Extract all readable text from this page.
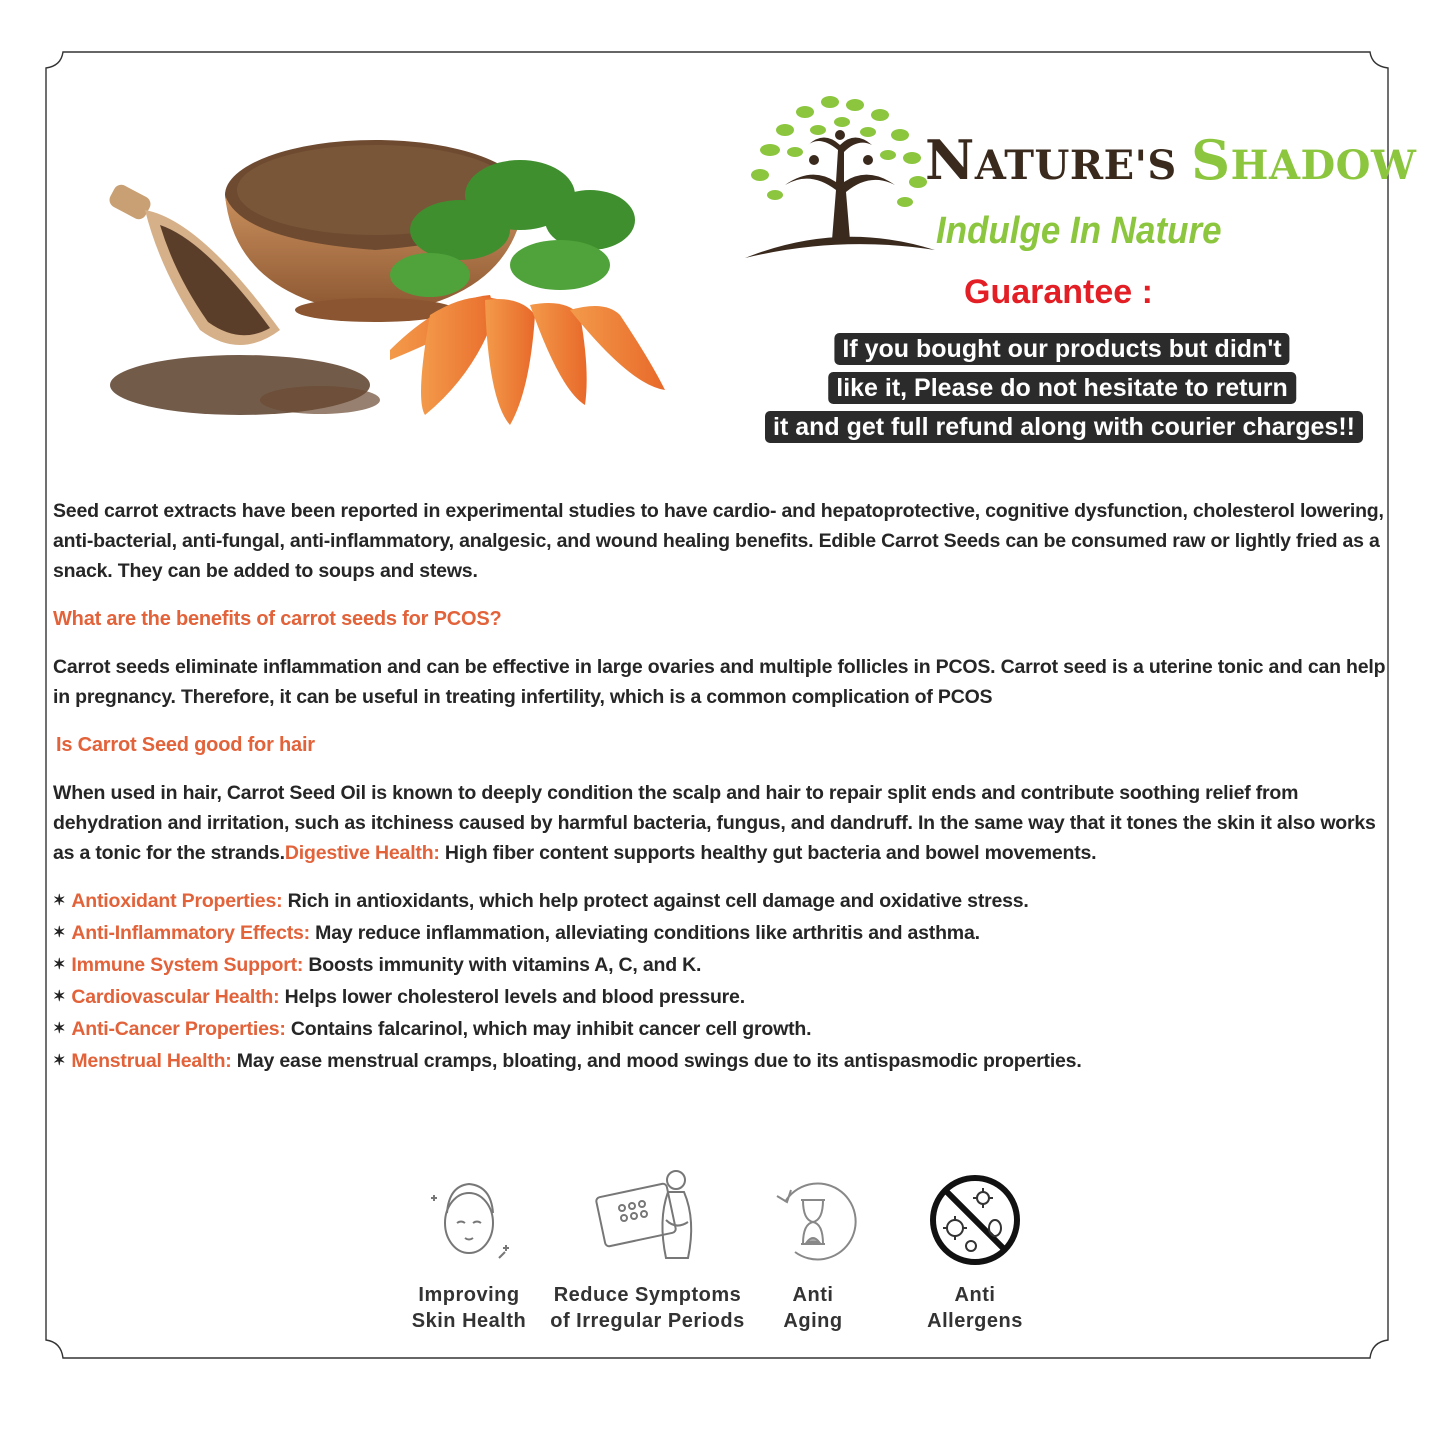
NATURE'S SHADOW
Indulge In Nature
Guarantee :
If you bought our products but didn't
like it, Please do not hesitate to return
it and get full refund along with courier charges!!

Seed carrot extracts have been reported in experimental studies to have cardio- and hepatoprotective, cognitive dysfunction, cholesterol lowering, anti-bacterial, anti-fungal, anti-inflammatory, analgesic, and wound healing benefits. Edible Carrot Seeds can be consumed raw or lightly fried as a snack. They can be added to soups and stews.

What are the benefits of carrot seeds for PCOS?

Carrot seeds eliminate inflammation and can be effective in large ovaries and multiple follicles in PCOS. Carrot seed is a uterine tonic and can help in pregnancy. Therefore, it can be useful in treating infertility, which is a common complication of PCOS

Is Carrot Seed good for hair

When used in hair, Carrot Seed Oil is known to deeply condition the scalp and hair to repair split ends and contribute soothing relief from dehydration and irritation, such as itchiness caused by harmful bacteria, fungus, and dandruff. In the same way that it tones the skin it also works as a tonic for the strands.Digestive Health: High fiber content supports healthy gut bacteria and bowel movements.

✶ Antioxidant Properties: Rich in antioxidants, which help protect against cell damage and oxidative stress.

✶ Anti-Inflammatory Effects: May reduce inflammation, alleviating conditions like arthritis and asthma.

✶ Immune System Support: Boosts immunity with vitamins A, C, and K.

✶ Cardiovascular Health: Helps lower cholesterol levels and blood pressure.

✶ Anti-Cancer Properties: Contains falcarinol, which may inhibit cancer cell growth.

✶ Menstrual Health: May ease menstrual cramps, bloating, and mood swings due to its antispasmodic properties.

Improving
Skin Health
Reduce Symptoms
of Irregular Periods
Anti
Aging
Anti
Allergens
